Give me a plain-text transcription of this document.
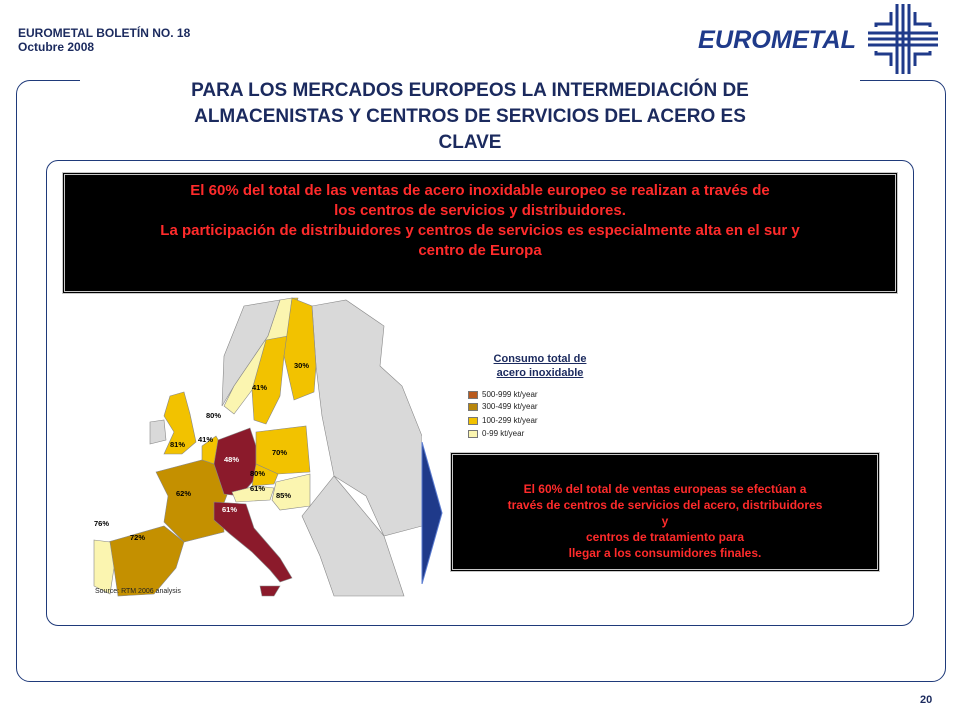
EUROMETAL BOLETÍN NO. 18
Octubre 2008	EUROMETAL
PARA LOS MERCADOS EUROPEOS LA INTERMEDIACIÓN DE
ALMACENISTAS Y CENTROS DE SERVICIOS DEL ACERO ES
CLAVE
El 60% del total de las ventas de acero inoxidable europeo se realizan a través de
los centros de servicios y distribuidores.
La participación de distribuidores y centros de servicios es especialmente alta en el sur y
centro de Europa
30%
41%
80%
81%
41%
48%
70%
80%
61%
85%
62%
61%
72%
76%
Source: RTM 2006 analysis
Consumo total de
acero inoxidable
500-999 kt/year
300-499 kt/year
100-299 kt/year
0-99 kt/year
El 60% del total de ventas europeas se efectúan a
través de centros de servicios del acero, distribuidores
y
centros de tratamiento para
llegar a los consumidores finales.
20
